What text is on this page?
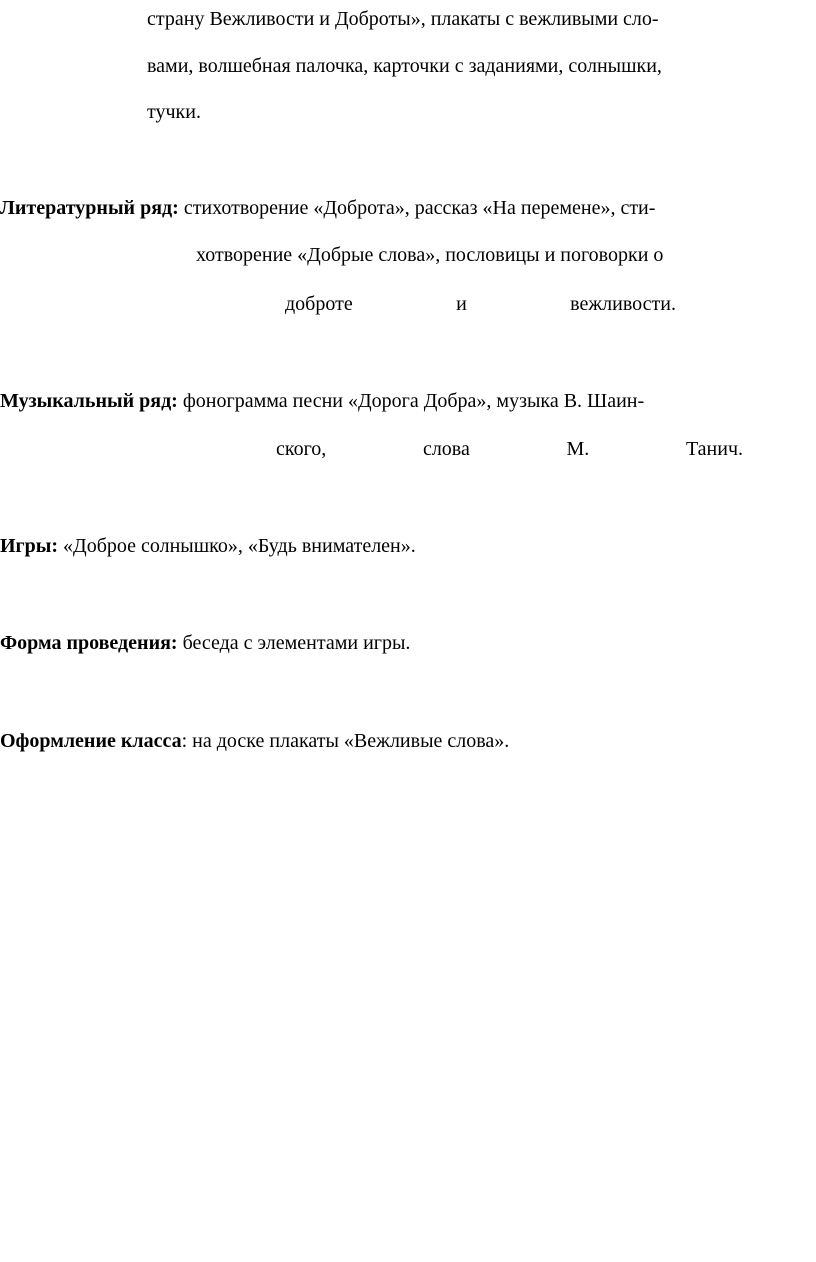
страну Вежливости и Доброты», плакаты с вежливыми сло-
вами, волшебная палочка, карточки с заданиями, солнышки,
тучки.
Литературный ряд: стихотворение «Доброта», рассказ «На перемене», сти-
хотворение «Добрые слова», пословицы и поговорки о
доброте	и	вежливости.
Музыкальный ряд: фонограмма песни «Дорога Добра», музыка В. Шаин-
ского,	слова	М.	Танич.
Игры: «Доброе солнышко», «Будь внимателен».
Форма проведения: беседа с элементами игры.
Оформление класса: на доске плакаты «Вежливые слова».
